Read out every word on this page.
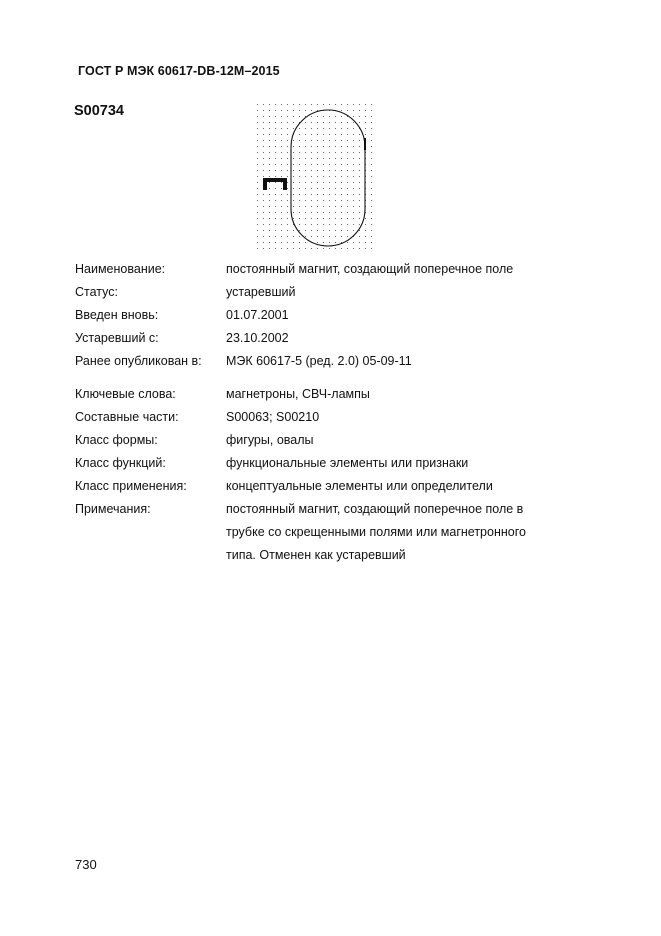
ГОСТ Р МЭК 60617-DB-12M–2015
S00734
Наименование:	постоянный магнит, создающий поперечное поле
Статус:	устаревший
Введен вновь:	01.07.2001
Устаревший с:	23.10.2002
Ранее опубликован в:	МЭК 60617-5 (ред. 2.0) 05-09-11
Ключевые слова:	магнетроны, СВЧ-лампы
Составные части:	S00063; S00210
Класс формы:	фигуры, овалы
Класс функций:	функциональные элементы или признаки
Класс применения:	концептуальные элементы или определители
Примечания:	постоянный магнит, создающий поперечное поле в трубке со скрещенными полями или магнетронного типа. Отменен как устаревший
730
